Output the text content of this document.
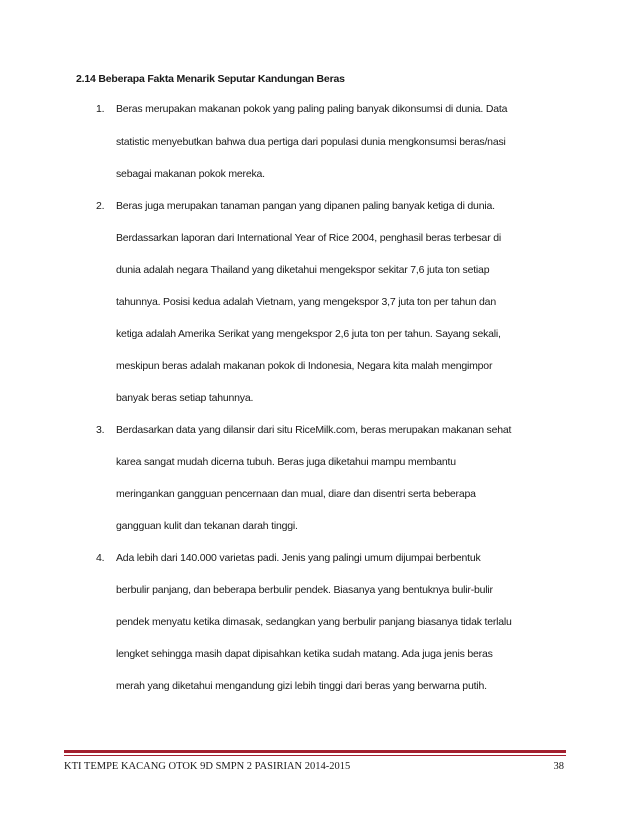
2.14 Beberapa Fakta Menarik Seputar Kandungan Beras
1. Beras merupakan makanan pokok yang paling paling banyak dikonsumsi di dunia. Data
statistic menyebutkan bahwa dua pertiga dari populasi dunia mengkonsumsi beras/nasi
sebagai makanan pokok mereka.
2. Beras juga merupakan tanaman pangan yang dipanen paling banyak ketiga di dunia.
Berdassarkan laporan dari International Year of Rice 2004, penghasil beras terbesar di
dunia adalah negara Thailand yang diketahui mengekspor sekitar 7,6 juta ton setiap
tahunnya. Posisi kedua adalah Vietnam, yang mengekspor 3,7 juta ton per tahun dan
ketiga adalah Amerika Serikat yang mengekspor 2,6 juta ton per tahun. Sayang sekali,
meskipun beras adalah makanan pokok di Indonesia, Negara kita malah mengimpor
banyak beras setiap tahunnya.
3. Berdasarkan data yang dilansir dari situ RiceMilk.com, beras merupakan makanan sehat
karea sangat mudah dicerna tubuh. Beras juga diketahui mampu membantu
meringankan gangguan pencernaan dan mual, diare dan disentri serta beberapa
gangguan kulit dan tekanan darah tinggi.
4. Ada lebih dari 140.000 varietas padi. Jenis yang palingi umum dijumpai berbentuk
berbulir panjang, dan beberapa berbulir pendek. Biasanya yang bentuknya bulir-bulir
pendek menyatu ketika dimasak, sedangkan yang berbulir panjang biasanya tidak terlalu
lengket sehingga masih dapat dipisahkan ketika sudah matang. Ada juga jenis beras
merah yang diketahui mengandung gizi lebih tinggi dari beras yang berwarna putih.
KTI TEMPE KACANG OTOK 9D SMPN 2 PASIRIAN 2014-2015	38
